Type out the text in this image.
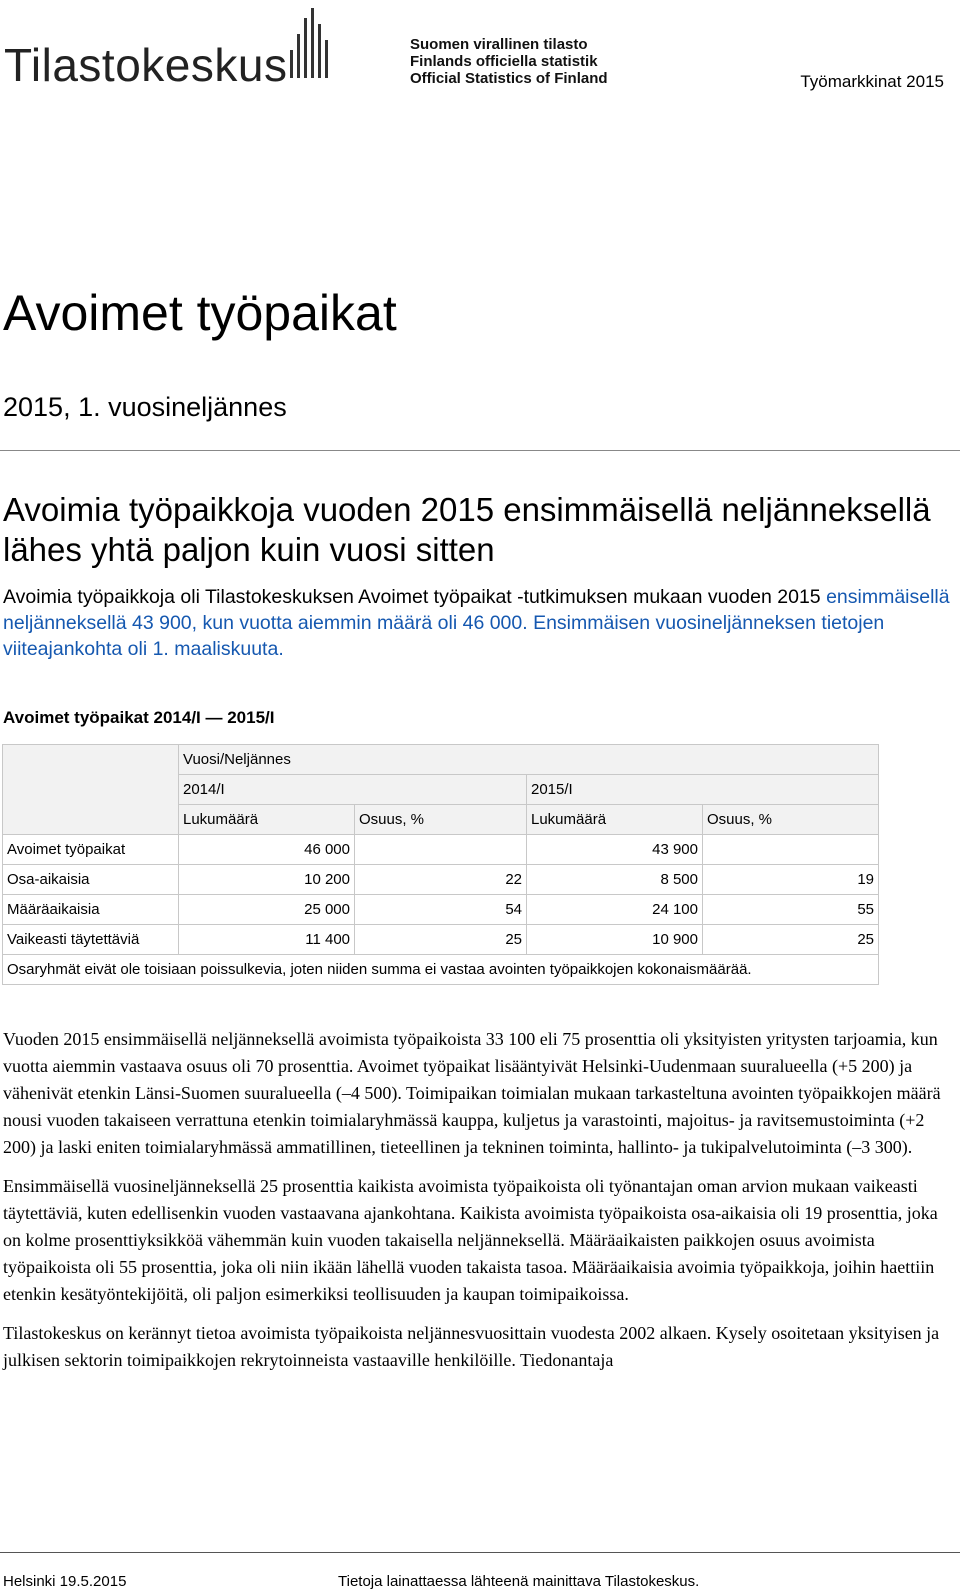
Tilastokeskus	Suomen virallinen tilasto
Finlands officiella statistik
Official Statistics of Finland	Työmarkkinat 2015
Avoimet työpaikat
2015, 1. vuosineljännes
Avoimia työpaikkoja vuoden 2015 ensimmäisellä neljänneksellä lähes yhtä paljon kuin vuosi sitten
Avoimia työpaikkoja oli Tilastokeskuksen Avoimet työpaikat -tutkimuksen mukaan vuoden 2015 ensimmäisellä neljänneksellä 43 900, kun vuotta aiemmin määrä oli 46 000. Ensimmäisen vuosineljänneksen tietojen viiteajankohta oli 1. maaliskuuta.
Avoimet työpaikat 2014/I — 2015/I
	Vuosi/Neljännes			
	2014/I		2015/I	
	Lukumäärä	Osuus, %	Lukumäärä	Osuus, %
Avoimet työpaikat	46 000		43 900	
Osa-aikaisia	10 200	22	8 500	19
Määräaikaisia	25 000	54	24 100	55
Vaikeasti täytettäviä	11 400	25	10 900	25
Osaryhmät eivät ole toisiaan poissulkevia, joten niiden summa ei vastaa avointen työpaikkojen kokonaismäärää.				

Vuoden 2015 ensimmäisellä neljänneksellä avoimista työpaikoista 33 100 eli 75 prosenttia oli yksityisten yritysten tarjoamia, kun vuotta aiemmin vastaava osuus oli 70 prosenttia. Avoimet työpaikat lisääntyivät Helsinki-Uudenmaan suuralueella (+5 200) ja vähenivät etenkin Länsi-Suomen suuralueella (–4 500). Toimipaikan toimialan mukaan tarkasteltuna avointen työpaikkojen määrä nousi vuoden takaiseen verrattuna etenkin toimialaryhmässä kauppa, kuljetus ja varastointi, majoitus- ja ravitsemustoiminta (+2 200) ja laski eniten toimialaryhmässä ammatillinen, tieteellinen ja tekninen toiminta, hallinto- ja tukipalvelutoiminta (–3 300).

Ensimmäisellä vuosineljänneksellä 25 prosenttia kaikista avoimista työpaikoista oli työnantajan oman arvion mukaan vaikeasti täytettäviä, kuten edellisenkin vuoden vastaavana ajankohtana. Kaikista avoimista työpaikoista osa-aikaisia oli 19 prosenttia, joka on kolme prosenttiyksikköä vähemmän kuin vuoden takaisella neljänneksellä. Määräaikaisten paikkojen osuus avoimista työpaikoista oli 55 prosenttia, joka oli niin ikään lähellä vuoden takaista tasoa. Määräaikaisia avoimia työpaikkoja, joihin haettiin etenkin kesätyöntekijöitä, oli paljon esimerkiksi teollisuuden ja kaupan toimipaikoissa.

Tilastokeskus on kerännyt tietoa avoimista työpaikoista neljännesvuosittain vuodesta 2002 alkaen. Kysely osoitetaan yksityisen ja julkisen sektorin toimipaikkojen rekrytoinneista vastaaville henkilöille. Tiedonantaja

Helsinki 19.5.2015	Tietoja lainattaessa lähteenä mainittava Tilastokeskus.
